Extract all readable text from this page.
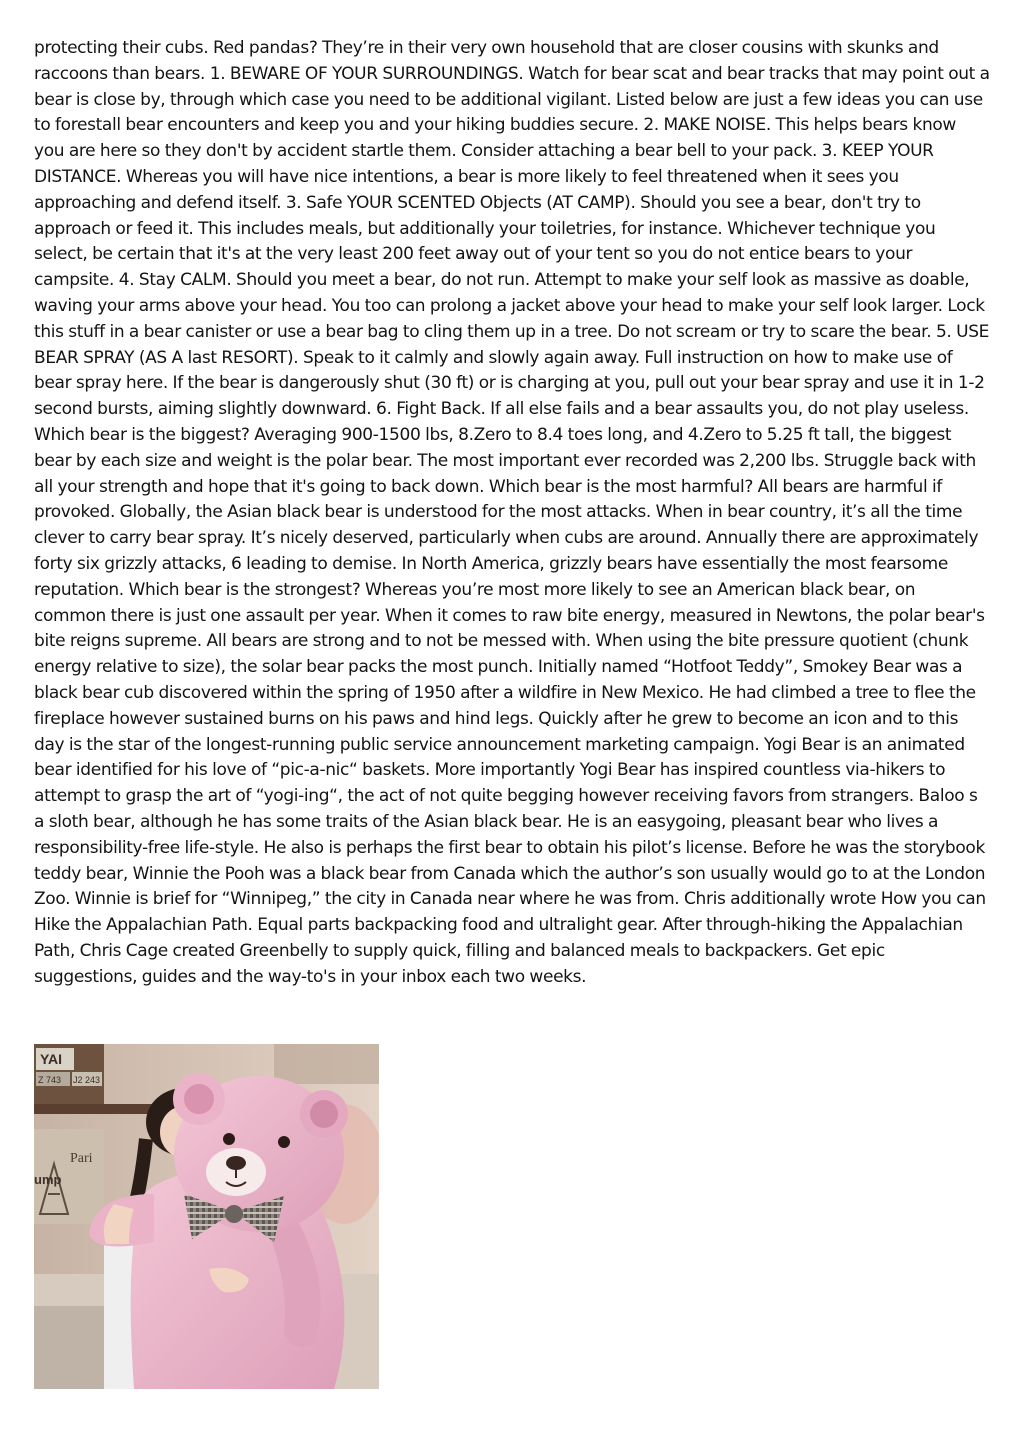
protecting their cubs. Red pandas? They’re in their very own household that are closer cousins with skunks and raccoons than bears. 1. BEWARE OF YOUR SURROUNDINGS. Watch for bear scat and bear tracks that may point out a bear is close by, through which case you need to be additional vigilant. Listed below are just a few ideas you can use to forestall bear encounters and keep you and your hiking buddies secure. 2. MAKE NOISE. This helps bears know you are here so they don't by accident startle them. Consider attaching a bear bell to your pack. 3. KEEP YOUR DISTANCE. Whereas you will have nice intentions, a bear is more likely to feel threatened when it sees you approaching and defend itself. 3. Safe YOUR SCENTED Objects (AT CAMP). Should you see a bear, don't try to approach or feed it. This includes meals, but additionally your toiletries, for instance. Whichever technique you select, be certain that it's at the very least 200 feet away out of your tent so you do not entice bears to your campsite. 4. Stay CALM. Should you meet a bear, do not run. Attempt to make your self look as massive as doable, waving your arms above your head. You too can prolong a jacket above your head to make your self look larger. Lock this stuff in a bear canister or use a bear bag to cling them up in a tree. Do not scream or try to scare the bear. 5. USE BEAR SPRAY (AS A last RESORT). Speak to it calmly and slowly again away. Full instruction on how to make use of bear spray here. If the bear is dangerously shut (30 ft) or is charging at you, pull out your bear spray and use it in 1-2 second bursts, aiming slightly downward. 6. Fight Back. If all else fails and a bear assaults you, do not play useless. Which bear is the biggest? Averaging 900-1500 lbs, 8.Zero to 8.4 toes long, and 4.Zero to 5.25 ft tall, the biggest bear by each size and weight is the polar bear. The most important ever recorded was 2,200 lbs. Struggle back with all your strength and hope that it's going to back down. Which bear is the most harmful? All bears are harmful if provoked. Globally, the Asian black bear is understood for the most attacks. When in bear country, it’s all the time clever to carry bear spray. It’s nicely deserved, particularly when cubs are around. Annually there are approximately forty six grizzly attacks, 6 leading to demise. In North America, grizzly bears have essentially the most fearsome reputation. Which bear is the strongest? Whereas you’re most more likely to see an American black bear, on common there is just one assault per year. When it comes to raw bite energy, measured in Newtons, the polar bear's bite reigns supreme. All bears are strong and to not be messed with. When using the bite pressure quotient (chunk energy relative to size), the solar bear packs the most punch. Initially named “Hotfoot Teddy”, Smokey Bear was a black bear cub discovered within the spring of 1950 after a wildfire in New Mexico. He had climbed a tree to flee the fireplace however sustained burns on his paws and hind legs. Quickly after he grew to become an icon and to this day is the star of the longest-running public service announcement marketing campaign. Yogi Bear is an animated bear identified for his love of “pic-a-nic“ baskets. More importantly Yogi Bear has inspired countless via-hikers to attempt to grasp the art of “yogi-ing“, the act of not quite begging however receiving favors from strangers. Baloo s a sloth bear, although he has some traits of the Asian black bear. He is an easygoing, pleasant bear who lives a responsibility-free life-style. He also is perhaps the first bear to obtain his pilot’s license. Before he was the storybook teddy bear, Winnie the Pooh was a black bear from Canada which the author’s son usually would go to at the London Zoo. Winnie is brief for “Winnipeg,” the city in Canada near where he was from. Chris additionally wrote How you can Hike the Appalachian Path. Equal parts backpacking food and ultralight gear. After through-hiking the Appalachian Path, Chris Cage created Greenbelly to supply quick, filling and balanced meals to backpackers. Get epic suggestions, guides and the way-to's in your inbox each two weeks.

YAI
Z 743 J2 243
Pari
ump
